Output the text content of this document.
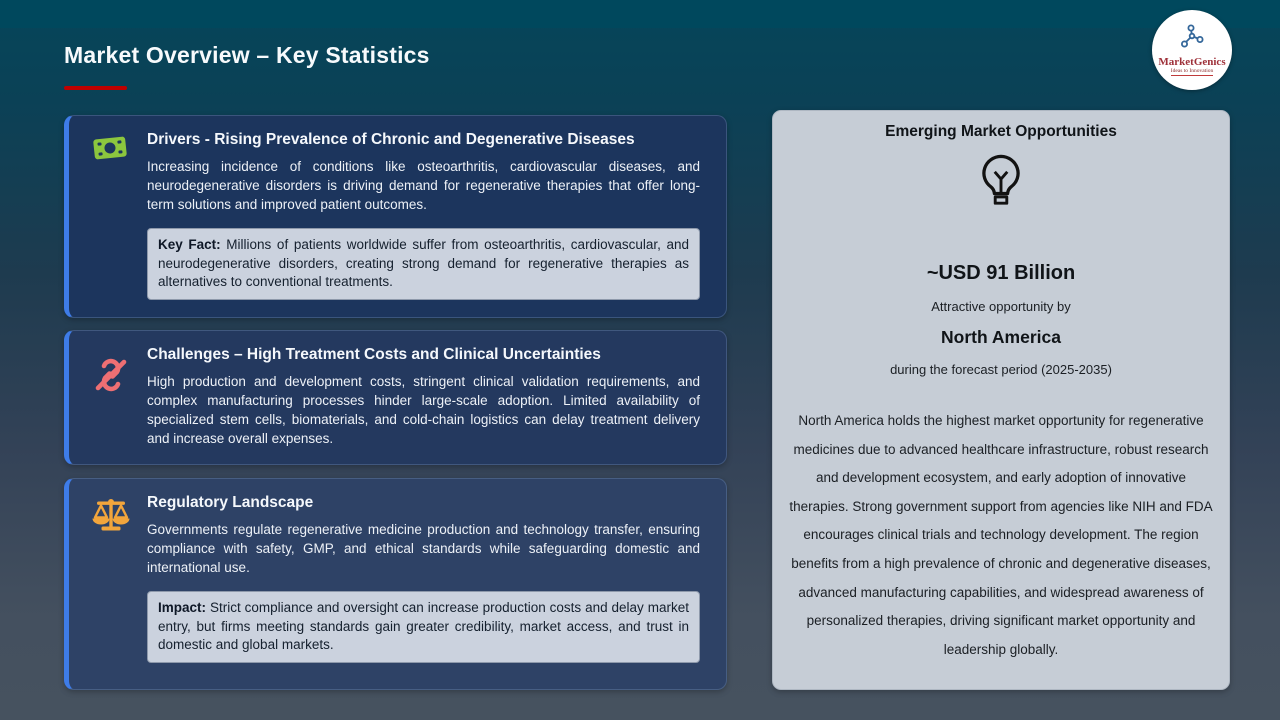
Market Overview – Key Statistics	MarketGenics
Ideas to Innovation
Drivers - Rising Prevalence of Chronic and Degenerative Diseases
Increasing incidence of conditions like osteoarthritis, cardiovascular diseases, and neurodegenerative disorders is driving demand for regenerative therapies that offer long-term solutions and improved patient outcomes.
Key Fact: Millions of patients worldwide suffer from osteoarthritis, cardiovascular, and neurodegenerative disorders, creating strong demand for regenerative therapies as alternatives to conventional treatments.
Challenges – High Treatment Costs and Clinical Uncertainties
High production and development costs, stringent clinical validation requirements, and complex manufacturing processes hinder large-scale adoption. Limited availability of specialized stem cells, biomaterials, and cold-chain logistics can delay treatment delivery and increase overall expenses.
Regulatory Landscape
Governments regulate regenerative medicine production and technology transfer, ensuring compliance with safety, GMP, and ethical standards while safeguarding domestic and international use.
Impact: Strict compliance and oversight can increase production costs and delay market entry, but firms meeting standards gain greater credibility, market access, and trust in domestic and global markets.
Emerging Market Opportunities
~USD 91 Billion
Attractive opportunity by
North America
during the forecast period (2025-2035)
North America holds the highest market opportunity for regenerative medicines due to advanced healthcare infrastructure, robust research and development ecosystem, and early adoption of innovative therapies. Strong government support from agencies like NIH and FDA encourages clinical trials and technology development. The region benefits from a high prevalence of chronic and degenerative diseases, advanced manufacturing capabilities, and widespread awareness of personalized therapies, driving significant market opportunity and leadership globally.
